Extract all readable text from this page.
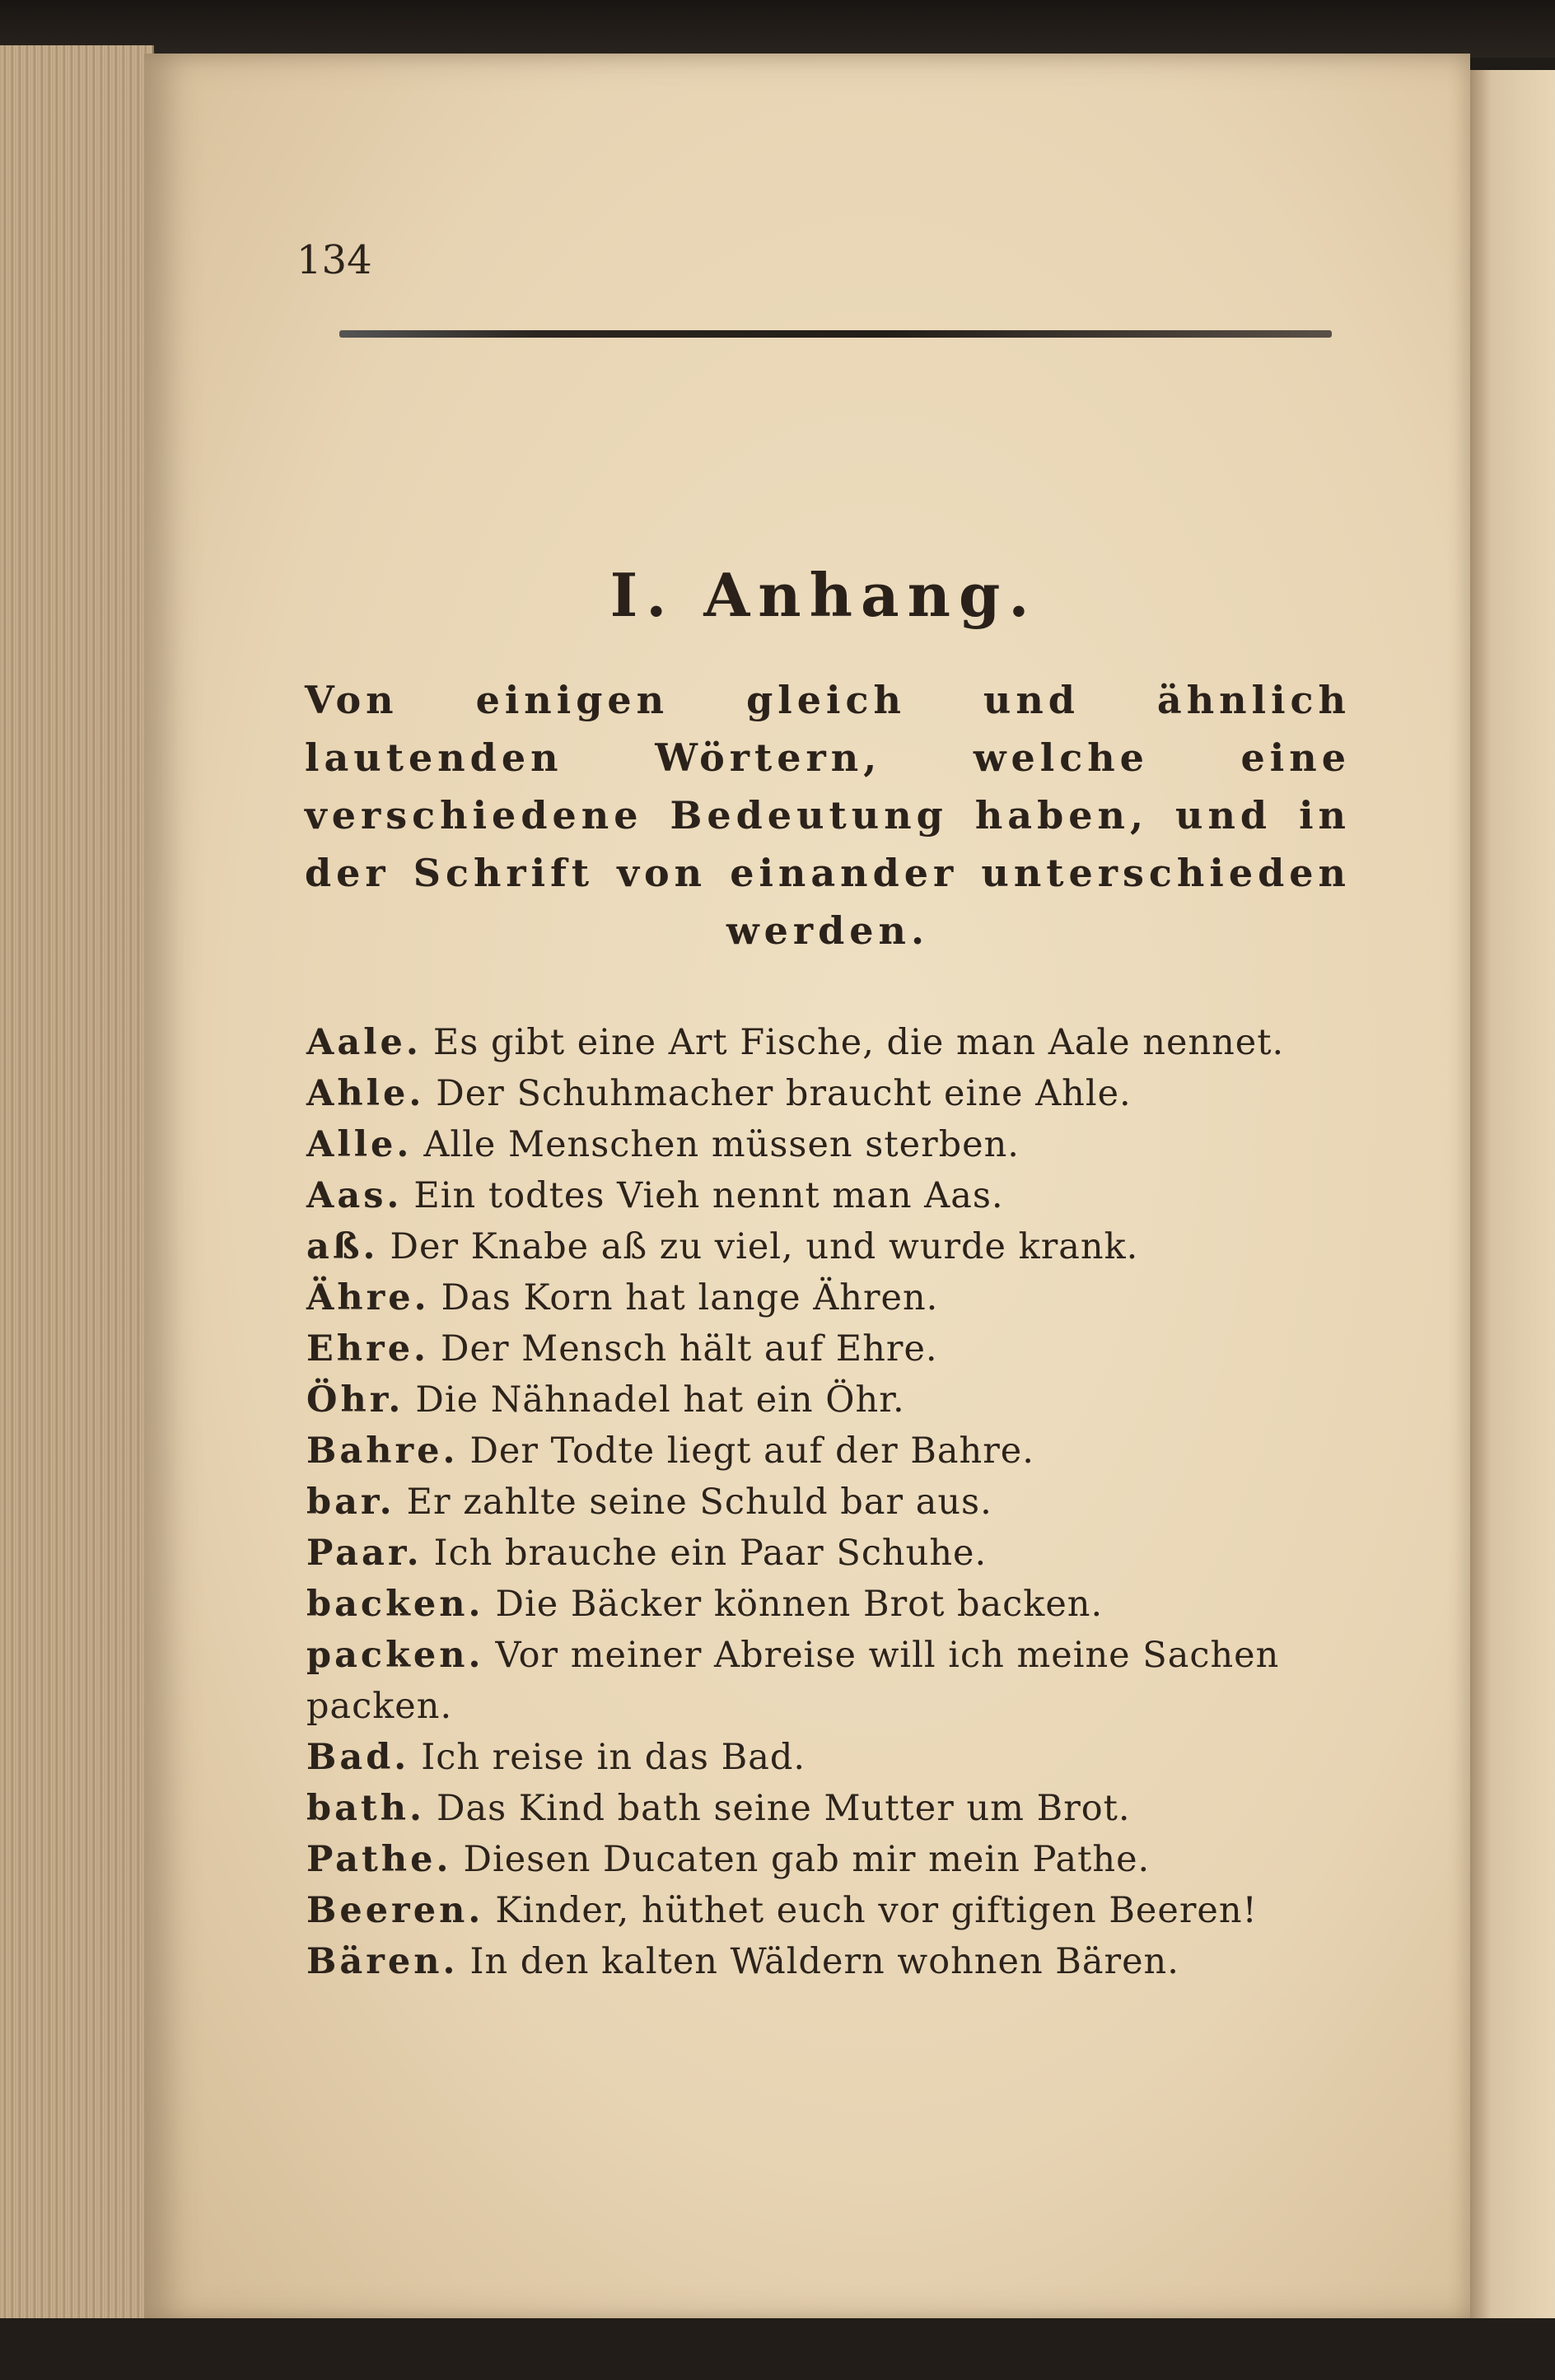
134
I. Anhang.
Von einigen gleich und ähnlich lautenden Wörtern, welche eine verschiedene Bedeutung haben, und in der Schrift von einander unterschieden werden.

Aale. Es gibt eine Art Fische, die man Aale nennet.

Ahle. Der Schuhmacher braucht eine Ahle.

Alle. Alle Menschen müssen sterben.

Aas. Ein todtes Vieh nennt man Aas.

aß. Der Knabe aß zu viel, und wurde krank.

Ähre. Das Korn hat lange Ähren.

Ehre. Der Mensch hält auf Ehre.

Öhr. Die Nähnadel hat ein Öhr.

Bahre. Der Todte liegt auf der Bahre.

bar. Er zahlte seine Schuld bar aus.

Paar. Ich brauche ein Paar Schuhe.

backen. Die Bäcker können Brot backen.

packen. Vor meiner Abreise will ich meine Sachen packen.

Bad. Ich reise in das Bad.

bath. Das Kind bath seine Mutter um Brot.

Pathe. Diesen Ducaten gab mir mein Pathe.

Beeren. Kinder, hüthet euch vor giftigen Beeren!

Bären. In den kalten Wäldern wohnen Bären.
